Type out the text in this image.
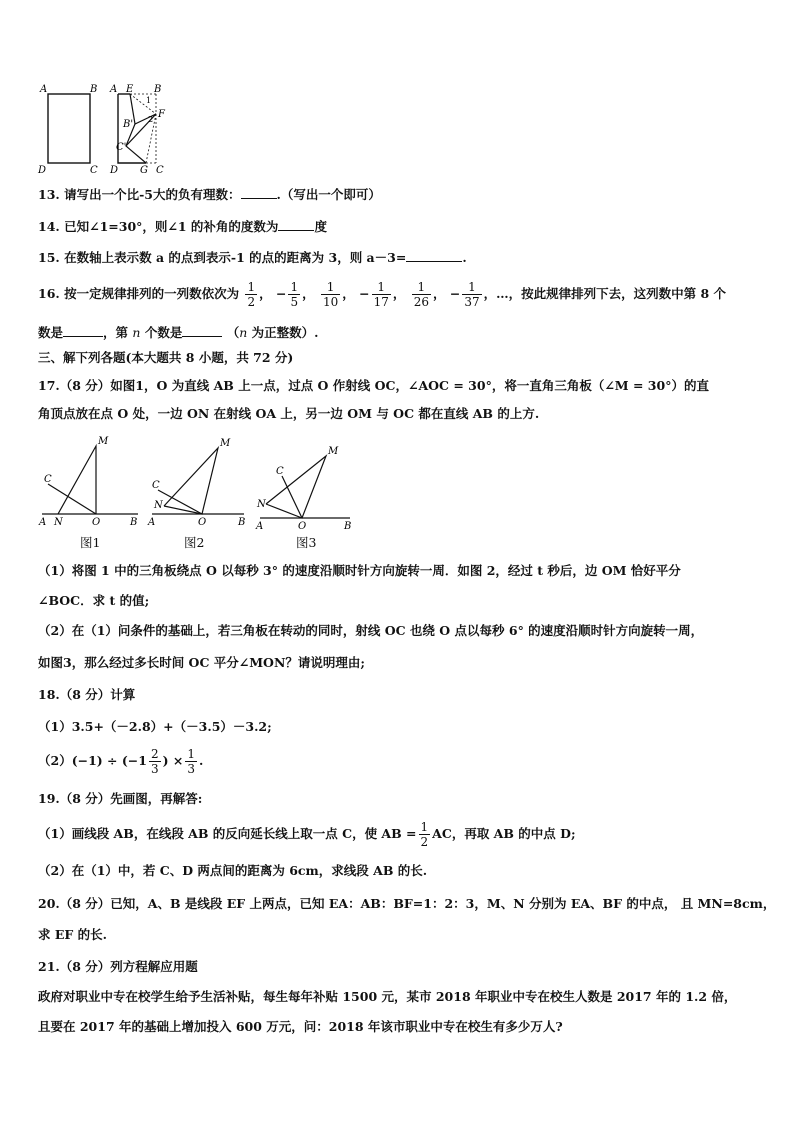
A	B
D	C
A E B
F
B'
C'
D G C
1
2
13. 请写出一个比-5大的负有理数：	.（写出一个即可）
14. 已知∠1=30°，则∠1 的补角的度数为	度
15. 在数轴上表示数 a 的点到表示-1 的点的距离为 3，则 a－3=	.
16. 按一定规律排列的一列数依次为 $\frac{1}{2}$ ， − $\frac{1}{5}$ ， $\frac{1}{10}$ ， − $\frac{1}{17}$ ， $\frac{1}{26}$ ， − $\frac{1}{37}$ ，…，按此规律排列下去，这列数中第 8 个
数是	，第 n 个数是	（n 为正整数）.
三、解下列各题(本大题共 8 小题，共 72 分)
17.（8 分）如图1，O 为直线 AB 上一点，过点 O 作射线 OC，∠AOC = 30°，将一直角三角板（∠M = 30°）的直
角顶点放在点 O 处，一边 ON 在射线 OA 上，另一边 OM 与 OC 都在直线 AB 的上方.
M
C
A N	O	B
M
C
N
A	O	B
M
C
N
A	O	B
图1	图2	图3
（1）将图 1 中的三角板绕点 O 以每秒 3° 的速度沿顺时针方向旋转一周．如图 2，经过 t 秒后，边 OM 恰好平分
∠BOC．求 t 的值;
（2）在（1）问条件的基础上，若三角板在转动的同时，射线 OC 也绕 O 点以每秒 6° 的速度沿顺时针方向旋转一周，
如图3，那么经过多长时间 OC 平分∠MON？请说明理由;
18.（8 分）计算
（1）3.5+（－2.8）+（－3.5）－3.2;
$(2)(-1) \div (-1 \frac{2}{3}$ ) × $\frac{1}{3}$ .
19.（8 分）先画图，再解答:
（1）画线段 AB，在线段 AB 的反向延长线上取一点 C，使 AB = $\frac{1}{2}$ AC，再取 AB 的中点 D;
（2）在（1）中，若 C、D 两点间的距离为 6cm，求线段 AB 的长.
20.（8 分）已知，A、B 是线段 EF 上两点，已知 EA：AB：BF=1：2：3，M、N 分别为 EA、BF 的中点， 且 MN=8cm，
求 EF 的长.
21.（8 分）列方程解应用题
政府对职业中专在校学生给予生活补贴，每生每年补贴 1500 元，某市 2018 年职业中专在校生人数是 2017 年的 1.2 倍，
且要在 2017 年的基础上增加投入 600 万元，问：2018 年该市职业中专在校生有多少万人?
